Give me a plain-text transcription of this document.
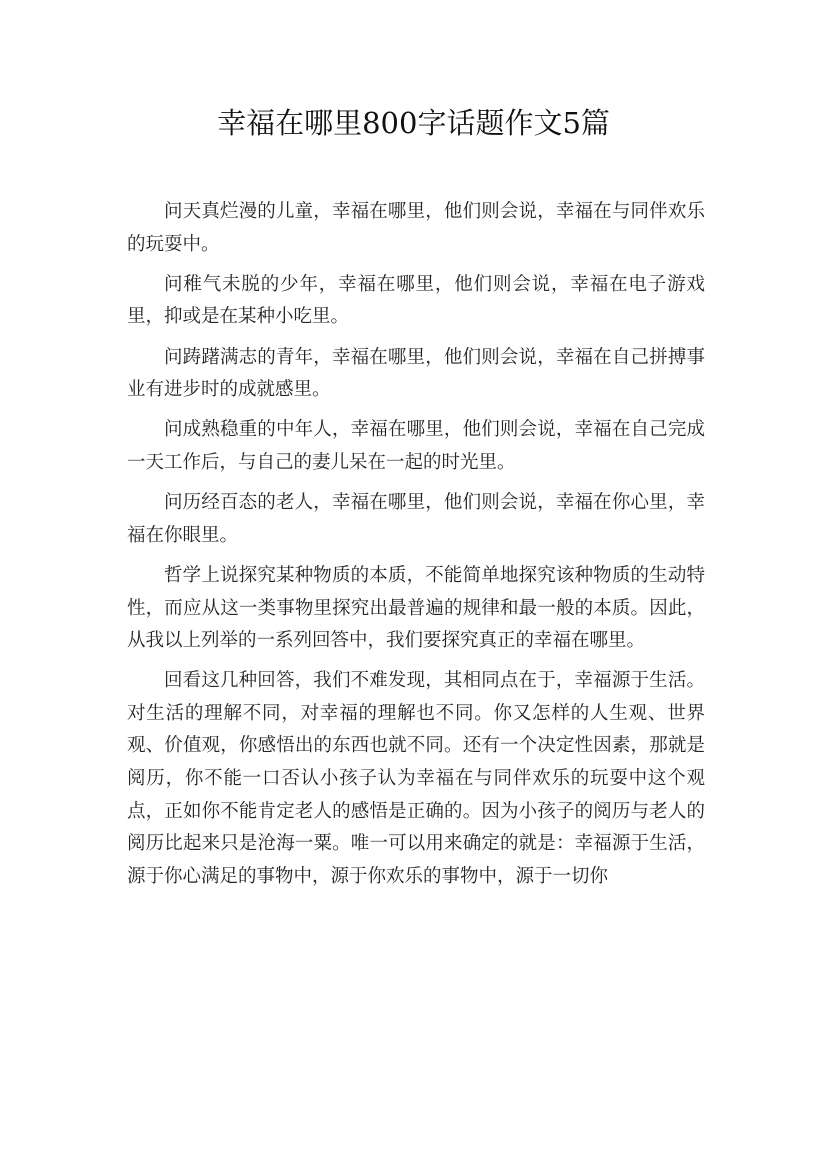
幸福在哪里800字话题作文5篇

问天真烂漫的儿童，幸福在哪里，他们则会说，幸福在与同伴欢乐的玩耍中。

问稚气未脱的少年，幸福在哪里，他们则会说，幸福在电子游戏里，抑或是在某种小吃里。

问踌躇满志的青年，幸福在哪里，他们则会说，幸福在自己拼搏事业有进步时的成就感里。

问成熟稳重的中年人，幸福在哪里，他们则会说，幸福在自己完成一天工作后，与自己的妻儿呆在一起的时光里。

问历经百态的老人，幸福在哪里，他们则会说，幸福在你心里，幸福在你眼里。

哲学上说探究某种物质的本质，不能简单地探究该种物质的生动特性，而应从这一类事物里探究出最普遍的规律和最一般的本质。因此，从我以上列举的一系列回答中，我们要探究真正的幸福在哪里。

回看这几种回答，我们不难发现，其相同点在于，幸福源于生活。对生活的理解不同，对幸福的理解也不同。你又怎样的人生观、世界观、价值观，你感悟出的东西也就不同。还有一个决定性因素，那就是阅历，你不能一口否认小孩子认为幸福在与同伴欢乐的玩耍中这个观点，正如你不能肯定老人的感悟是正确的。因为小孩子的阅历与老人的阅历比起来只是沧海一粟。唯一可以用来确定的就是：幸福源于生活，源于你心满足的事物中，源于你欢乐的事物中，源于一切你
